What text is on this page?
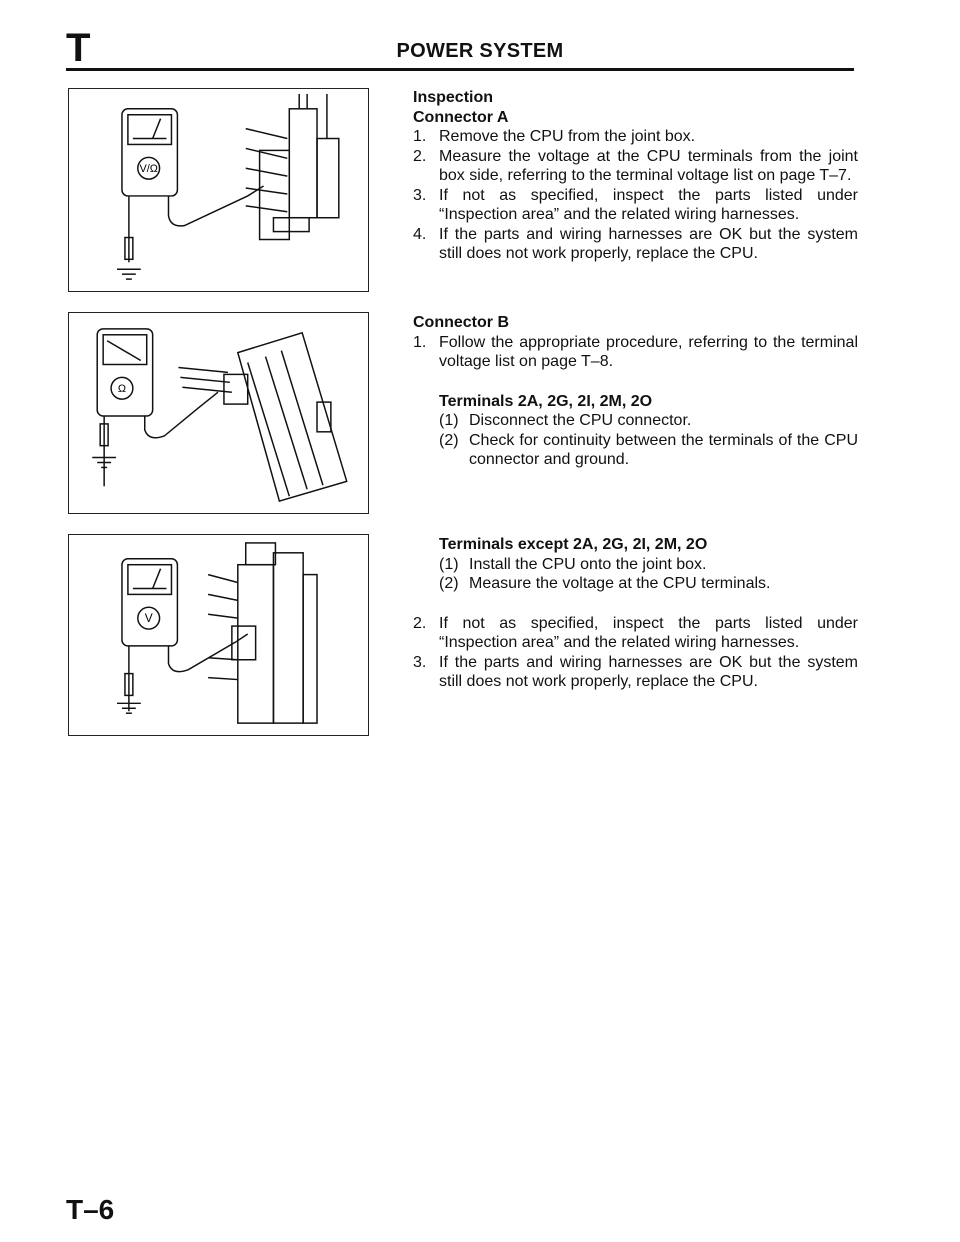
T	POWER SYSTEM
V/Ω
Ω
V
Inspection
Connector A
1. Remove the CPU from the joint box.
2. Measure the voltage at the CPU terminals from the joint box side, referring to the terminal voltage list on page T–7.
3. If not as specified, inspect the parts listed under “Inspection area” and the related wiring harnesses.
4. If the parts and wiring harnesses are OK but the system still does not work properly, replace the CPU.
Connector B
1. Follow the appropriate procedure, referring to the terminal voltage list on page T–8.
Terminals 2A, 2G, 2I, 2M, 2O
(1) Disconnect the CPU connector.
(2) Check for continuity between the terminals of the CPU connector and ground.
Terminals except 2A, 2G, 2I, 2M, 2O
(1) Install the CPU onto the joint box.
(2) Measure the voltage at the CPU terminals.
2. If not as specified, inspect the parts listed under “Inspection area” and the related wiring harnesses.
3. If the parts and wiring harnesses are OK but the system still does not work properly, replace the CPU.
T–6
